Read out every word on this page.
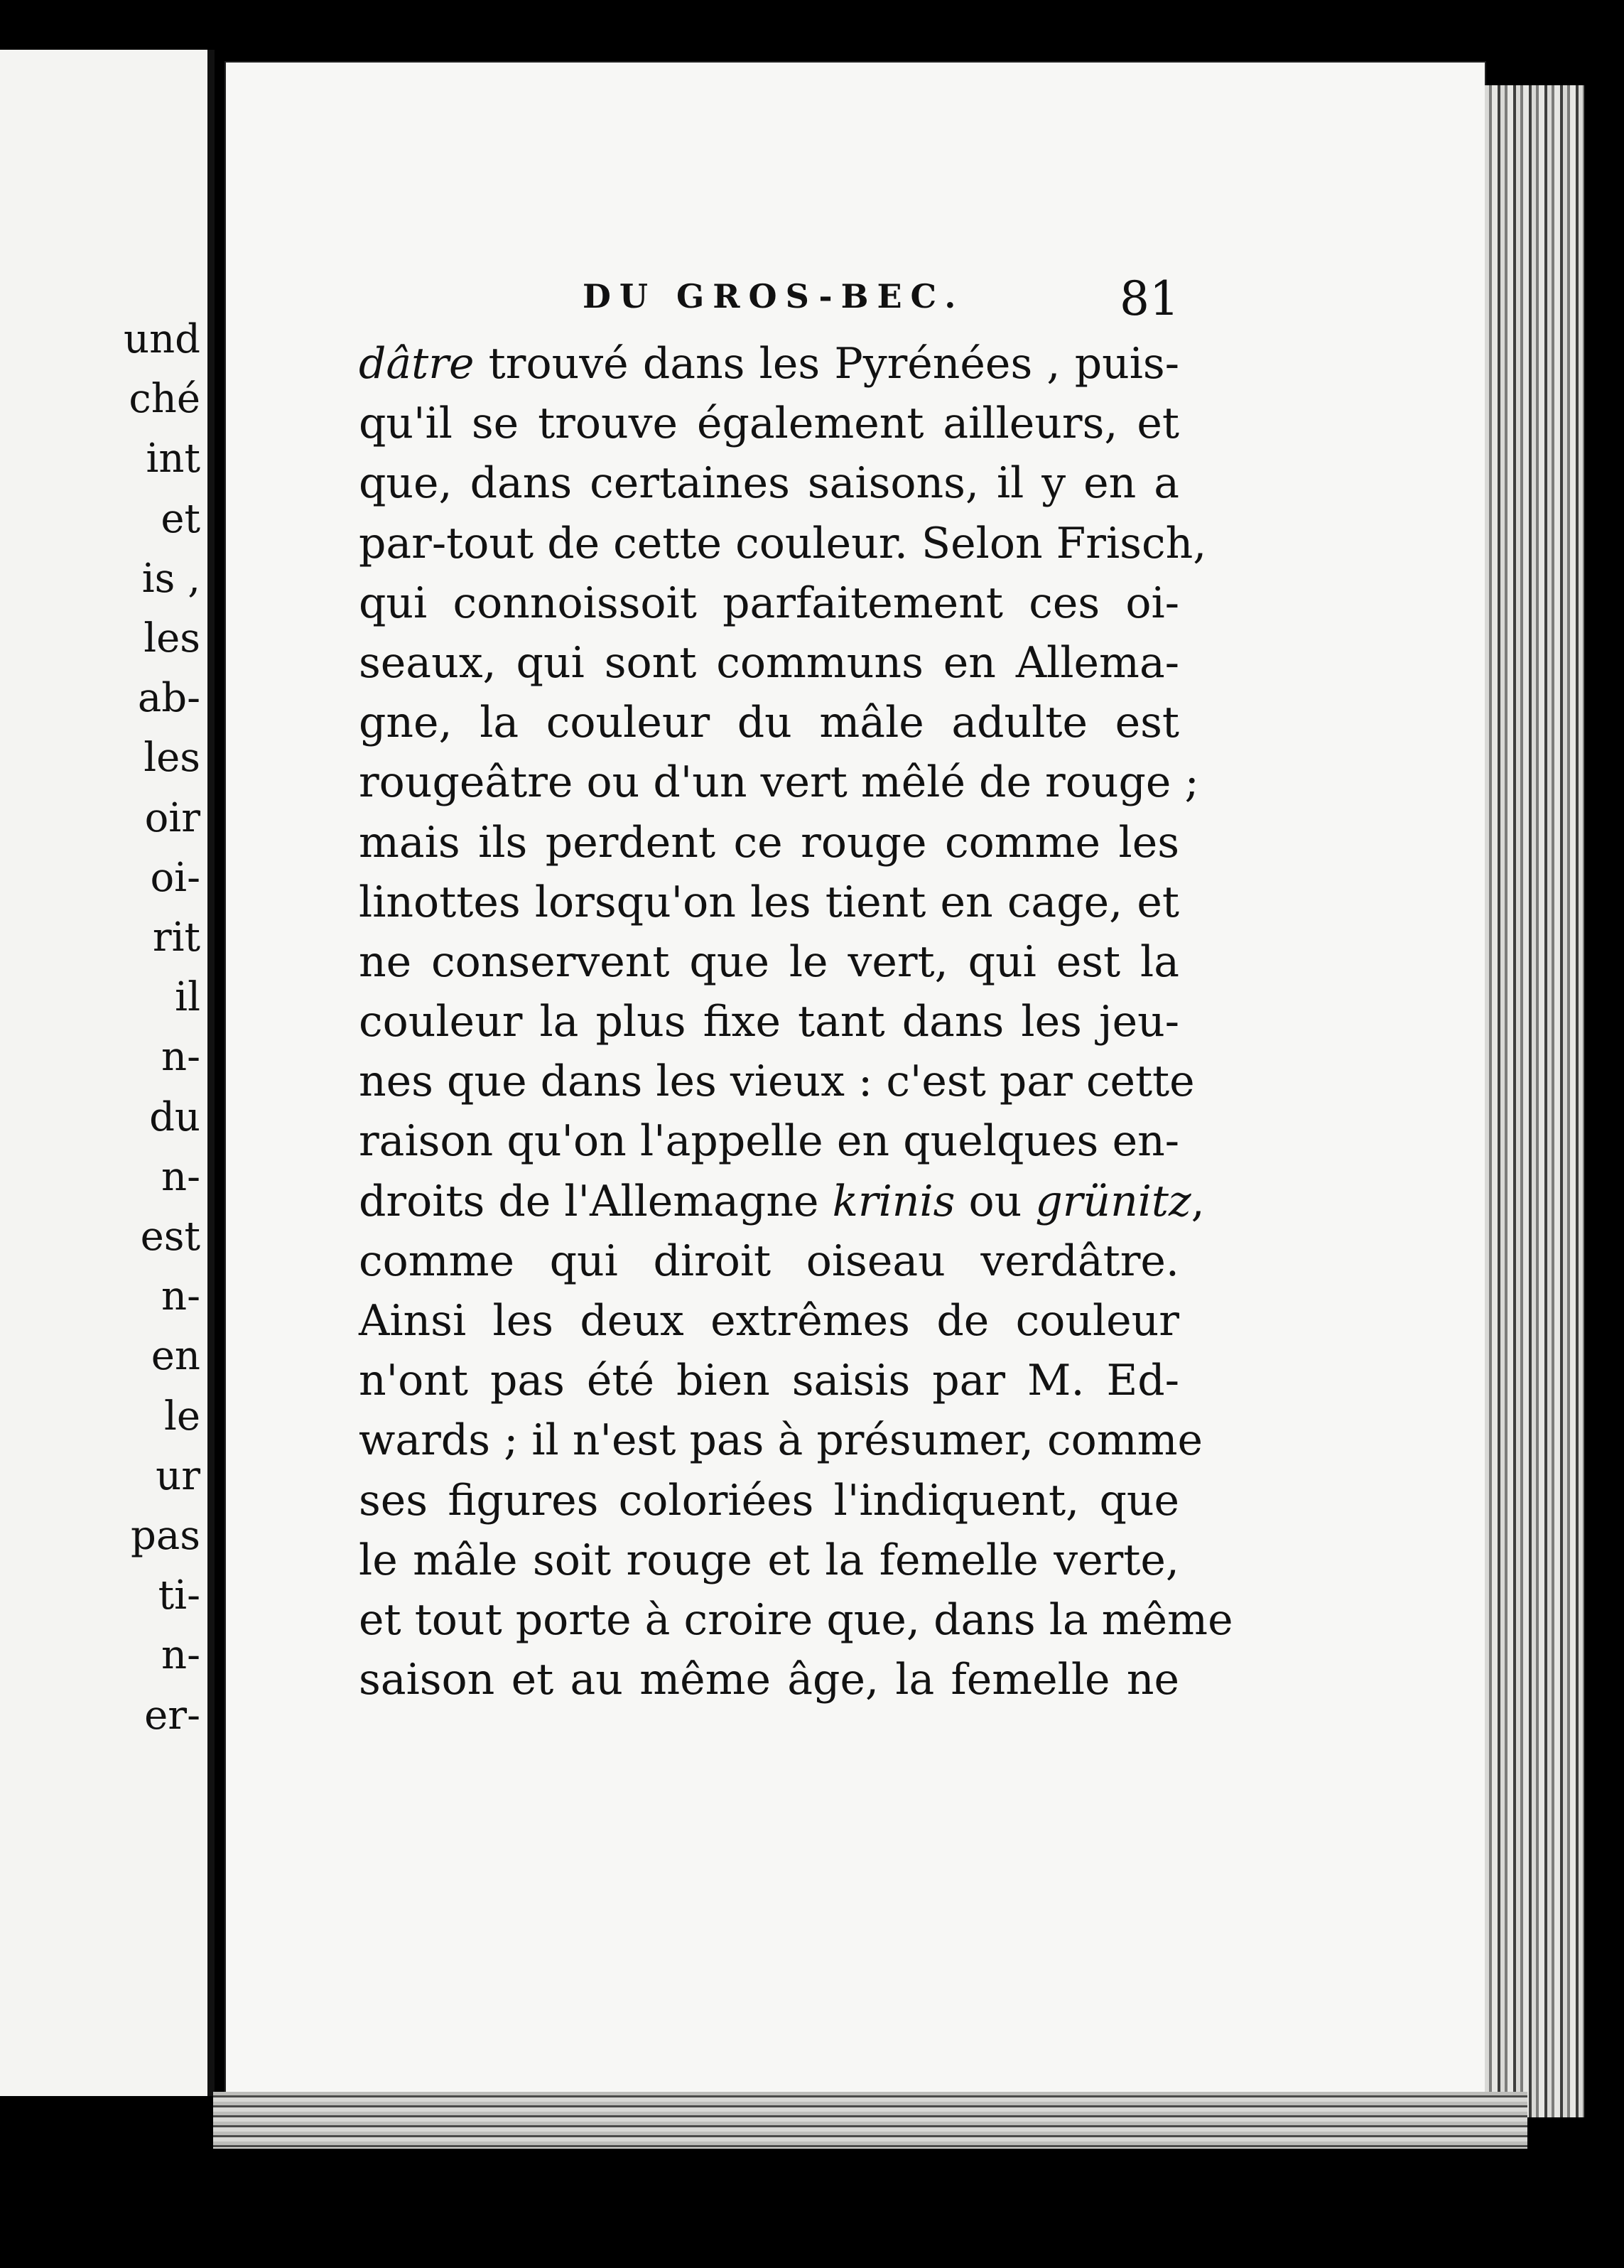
und
ché
int
et
is ,
les
ab-
les
oir
oi-
rit
il
n-
du
n-
est
n-
en
le
ur
pas
ti-
n-
er-
DU GROS-BEC.	81
dâtre trouvé dans les Pyrénées , puis-
qu'il se trouve également ailleurs, et
que, dans certaines saisons, il y en a
par-tout de cette couleur. Selon Frisch,
qui connoissoit parfaitement ces oi-
seaux, qui sont communs en Allema-
gne, la couleur du mâle adulte est
rougeâtre ou d'un vert mêlé de rouge ;
mais ils perdent ce rouge comme les
linottes lorsqu'on les tient en cage, et
ne conservent que le vert, qui est la
couleur la plus fixe tant dans les jeu-
nes que dans les vieux : c'est par cette
raison qu'on l'appelle en quelques en-
droits de l'Allemagne krinis ou grünitz,
comme qui diroit oiseau verdâtre.
Ainsi les deux extrêmes de couleur
n'ont pas été bien saisis par M. Ed-
wards ; il n'est pas à présumer, comme
ses figures coloriées l'indiquent, que
le mâle soit rouge et la femelle verte,
et tout porte à croire que, dans la même
saison et au même âge, la femelle ne
